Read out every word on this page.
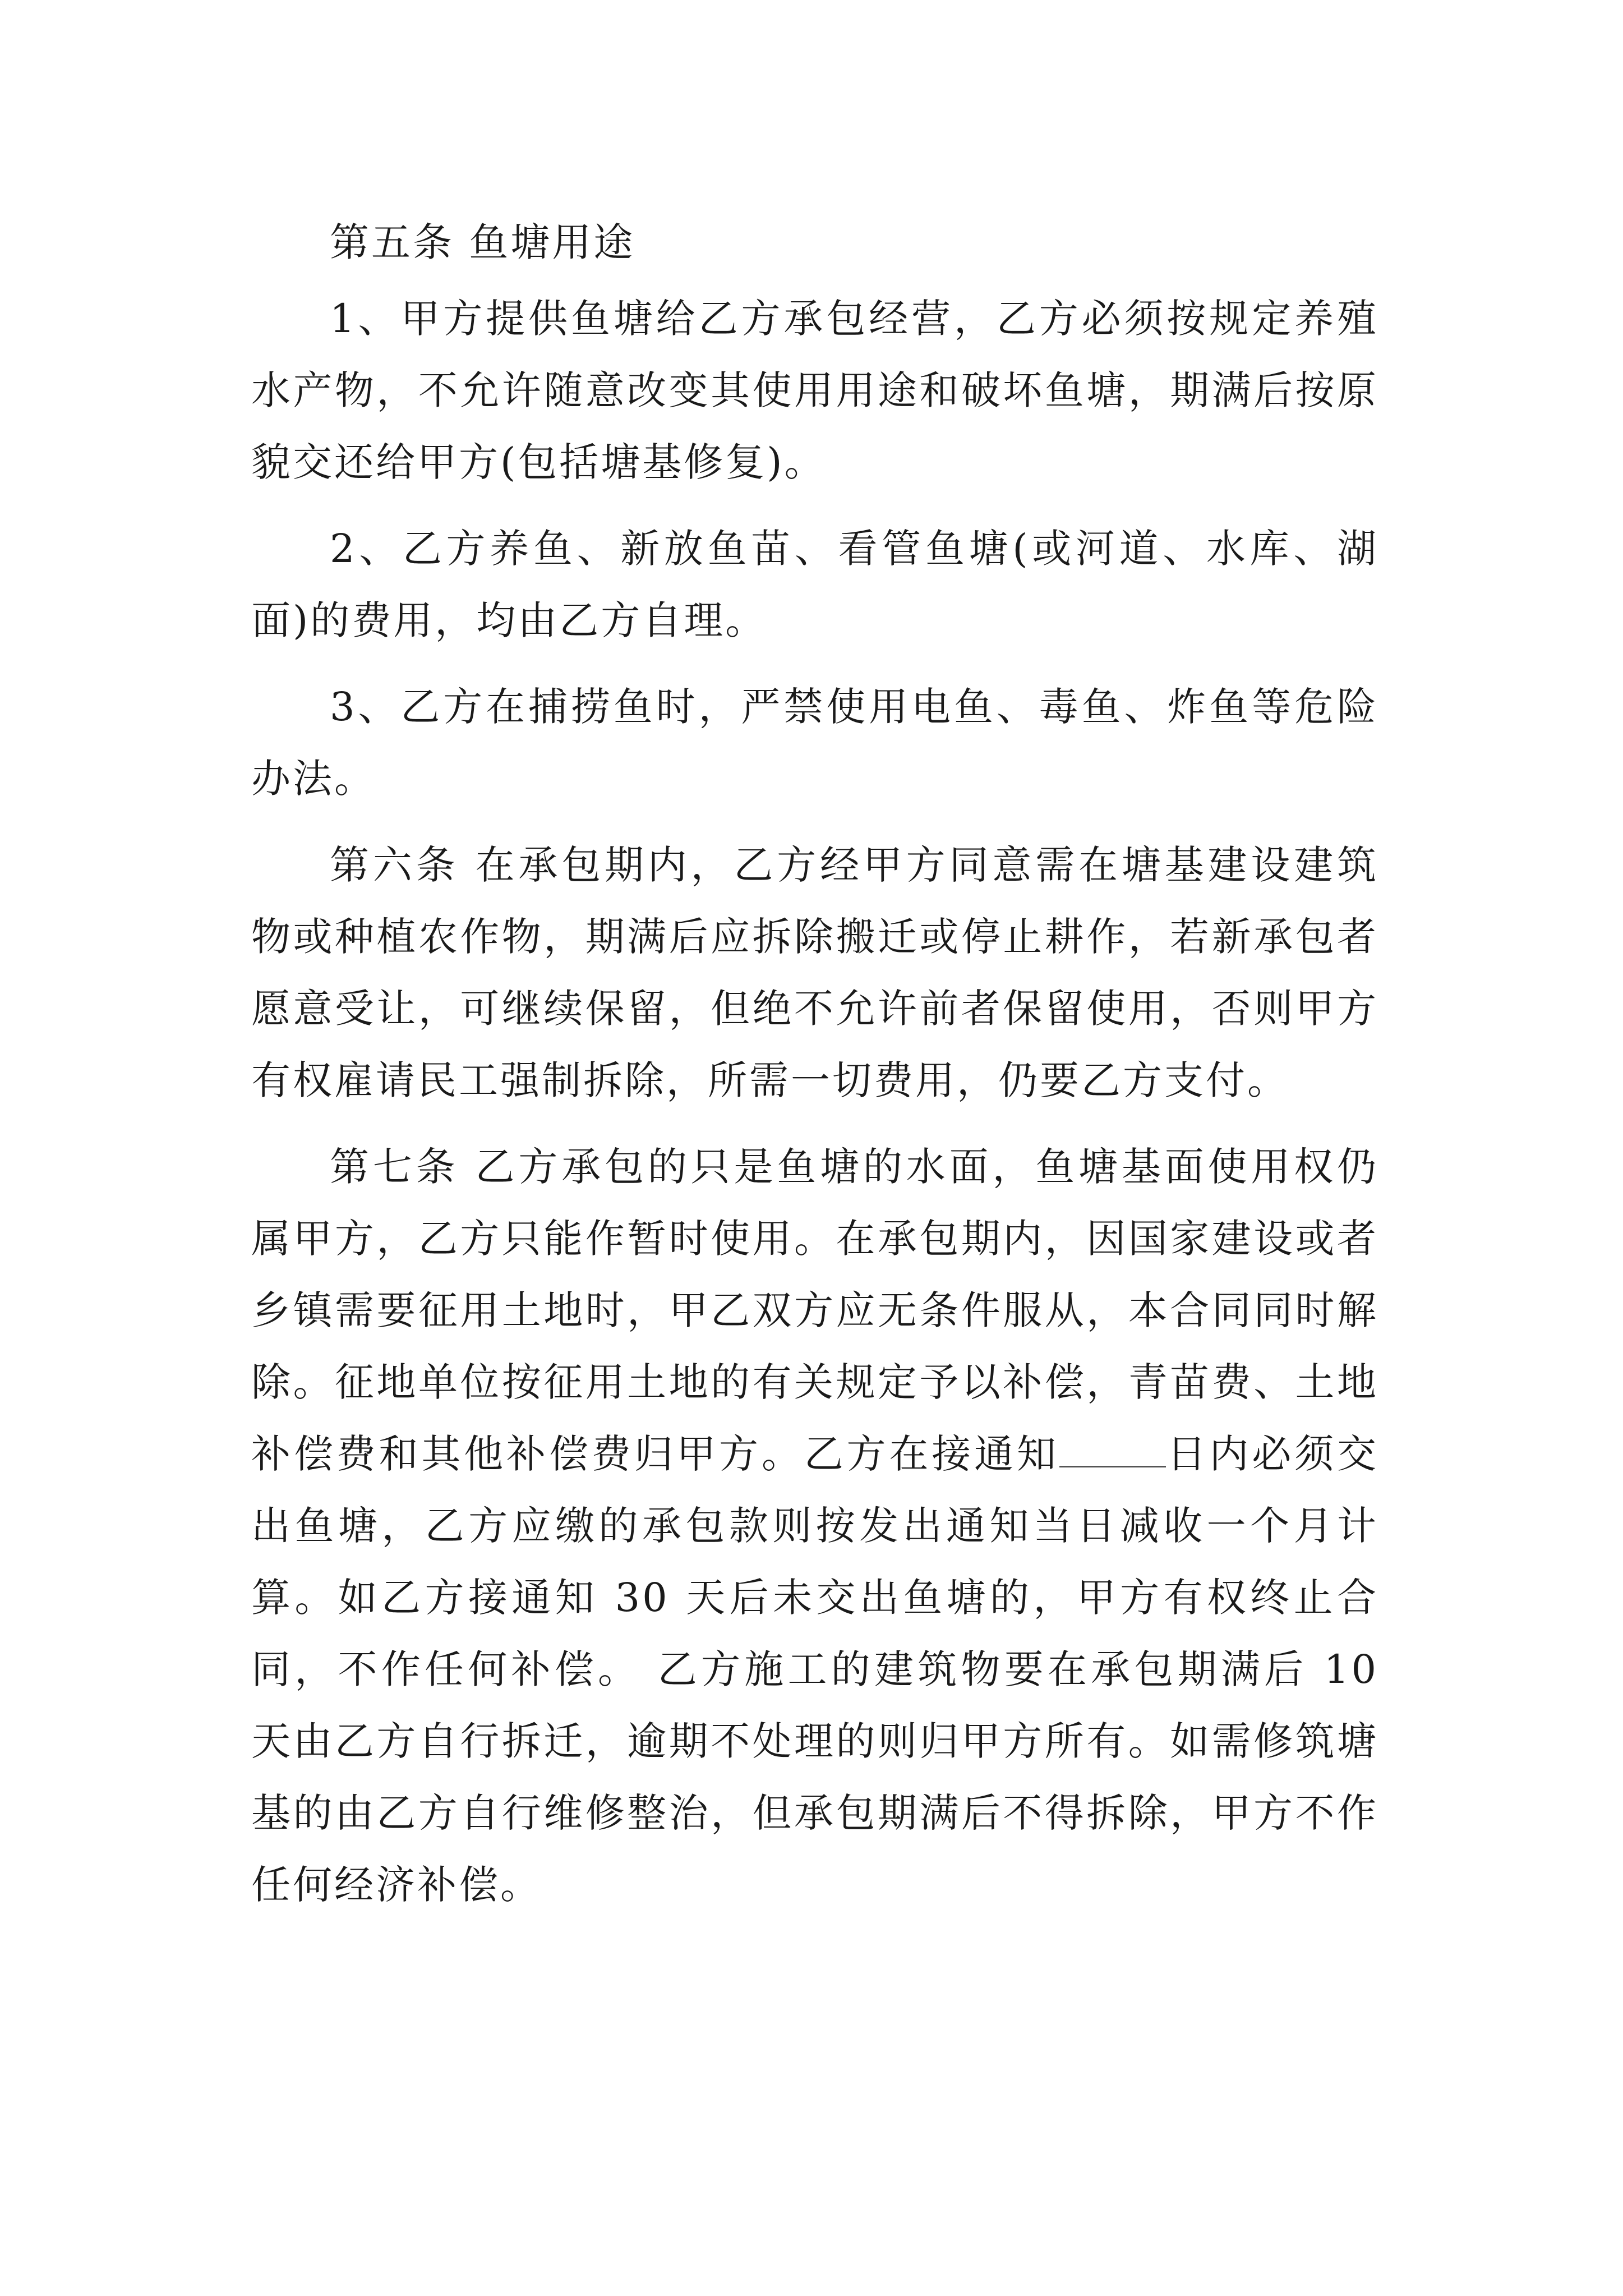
第五条 鱼塘用途

1、甲方提供鱼塘给乙方承包经营，乙方必须按规定养殖水产物，不允许随意改变其使用用途和破坏鱼塘，期满后按原貌交还给甲方(包括塘基修复)。

2、乙方养鱼、新放鱼苗、看管鱼塘(或河道、水库、湖面)的费用，均由乙方自理。

3、乙方在捕捞鱼时，严禁使用电鱼、毒鱼、炸鱼等危险办法。

第六条 在承包期内，乙方经甲方同意需在塘基建设建筑物或种植农作物，期满后应拆除搬迁或停止耕作，若新承包者愿意受让，可继续保留，但绝不允许前者保留使用，否则甲方有权雇请民工强制拆除，所需一切费用，仍要乙方支付。

第七条 乙方承包的只是鱼塘的水面，鱼塘基面使用权仍属甲方，乙方只能作暂时使用。在承包期内，因国家建设或者乡镇需要征用土地时，甲乙双方应无条件服从，本合同同时解除。征地单位按征用土地的有关规定予以补偿，青苗费、土地补偿费和其他补偿费归甲方。乙方在接通知	日内必须交出鱼塘，乙方应缴的承包款则按发出通知当日减收一个月计算。如乙方接通知 30 天后未交出鱼塘的，甲方有权终止合同，不作任何补偿。 乙方施工的建筑物要在承包期满后 10 天由乙方自行拆迁，逾期不处理的则归甲方所有。如需修筑塘基的由乙方自行维修整治，但承包期满后不得拆除，甲方不作任何经济补偿。
